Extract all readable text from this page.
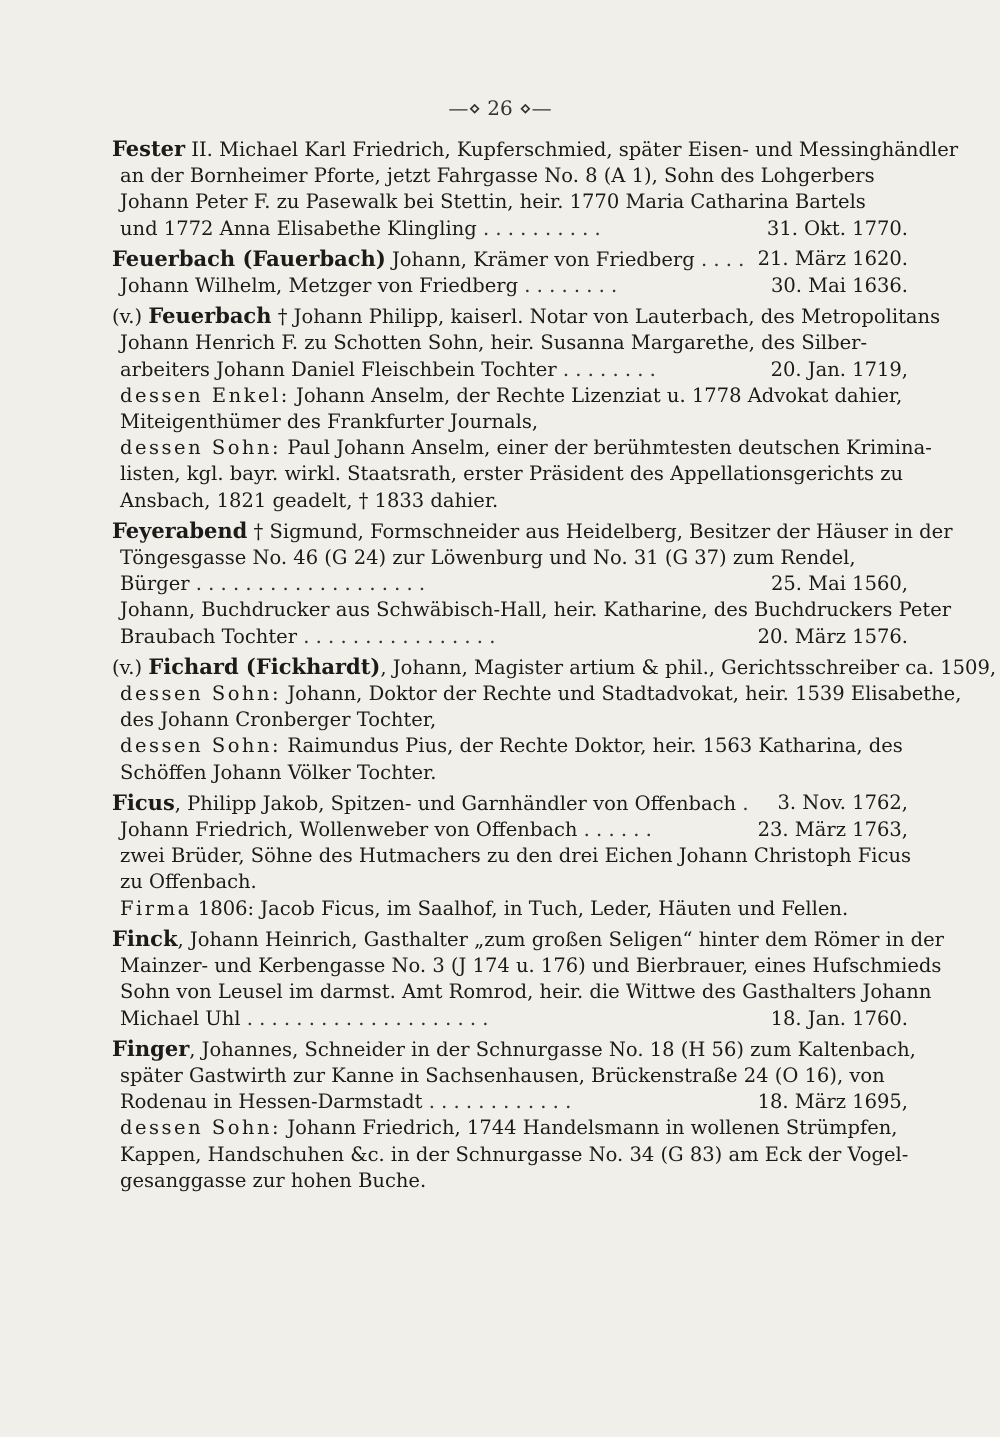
—⋄ 26 ⋄—
Fester II. Michael Karl Friedrich, Kupferschmied, später Eisen- und Messinghändler
an der Bornheimer Pforte, jetzt Fahrgasse No. 8 (A 1), Sohn des Lohgerbers
Johann Peter F. zu Pasewalk bei Stettin, heir. 1770 Maria Catharina Bartels
und 1772 Anna Elisabethe Klingling . . . . . . . . . .	31. Okt. 1770.
Feuerbach (Fauerbach) Johann, Krämer von Friedberg . . . . 21. März 1620.
Johann Wilhelm, Metzger von Friedberg . . . . . . . .	30. Mai 1636.
(v.) Feuerbach † Johann Philipp, kaiserl. Notar von Lauterbach, des Metropolitans
Johann Henrich F. zu Schotten Sohn, heir. Susanna Margarethe, des Silber-
arbeiters Johann Daniel Fleischbein Tochter . . . . . . . .	20. Jan. 1719,
dessen Enkel: Johann Anselm, der Rechte Lizenziat u. 1778 Advokat dahier,
Miteigenthümer des Frankfurter Journals,
dessen Sohn: Paul Johann Anselm, einer der berühmtesten deutschen Krimina-
listen, kgl. bayr. wirkl. Staatsrath, erster Präsident des Appellationsgerichts zu
Ansbach, 1821 geadelt, † 1833 dahier.
Feyerabend † Sigmund, Formschneider aus Heidelberg, Besitzer der Häuser in der
Töngesgasse No. 46 (G 24) zur Löwenburg und No. 31 (G 37) zum Rendel,
Bürger . . . . . . . . . . . . . . . . . . .	25. Mai 1560,
Johann, Buchdrucker aus Schwäbisch-Hall, heir. Katharine, des Buchdruckers Peter
Braubach Tochter . . . . . . . . . . . . . . . .	20. März 1576.
(v.) Fichard (Fickhardt), Johann, Magister artium & phil., Gerichtsschreiber ca. 1509,
dessen Sohn: Johann, Doktor der Rechte und Stadtadvokat, heir. 1539 Elisabethe,
des Johann Cronberger Tochter,
dessen Sohn: Raimundus Pius, der Rechte Doktor, heir. 1563 Katharina, des
Schöffen Johann Völker Tochter.
Ficus, Philipp Jakob, Spitzen- und Garnhändler von Offenbach . 3. Nov. 1762,
Johann Friedrich, Wollenweber von Offenbach . . . . . .	23. März 1763,
zwei Brüder, Söhne des Hutmachers zu den drei Eichen Johann Christoph Ficus
zu Offenbach.
Firma 1806: Jacob Ficus, im Saalhof, in Tuch, Leder, Häuten und Fellen.
Finck, Johann Heinrich, Gasthalter „zum großen Seligen“ hinter dem Römer in der
Mainzer- und Kerbengasse No. 3 (J 174 u. 176) und Bierbrauer, eines Hufschmieds
Sohn von Leusel im darmst. Amt Romrod, heir. die Wittwe des Gasthalters Johann
Michael Uhl . . . . . . . . . . . . . . . . . . . .	18. Jan. 1760.
Finger, Johannes, Schneider in der Schnurgasse No. 18 (H 56) zum Kaltenbach,
später Gastwirth zur Kanne in Sachsenhausen, Brückenstraße 24 (O 16), von
Rodenau in Hessen-Darmstadt . . . . . . . . . . . .	18. März 1695,
dessen Sohn: Johann Friedrich, 1744 Handelsmann in wollenen Strümpfen,
Kappen, Handschuhen &c. in der Schnurgasse No. 34 (G 83) am Eck der Vogel-
gesanggasse zur hohen Buche.
